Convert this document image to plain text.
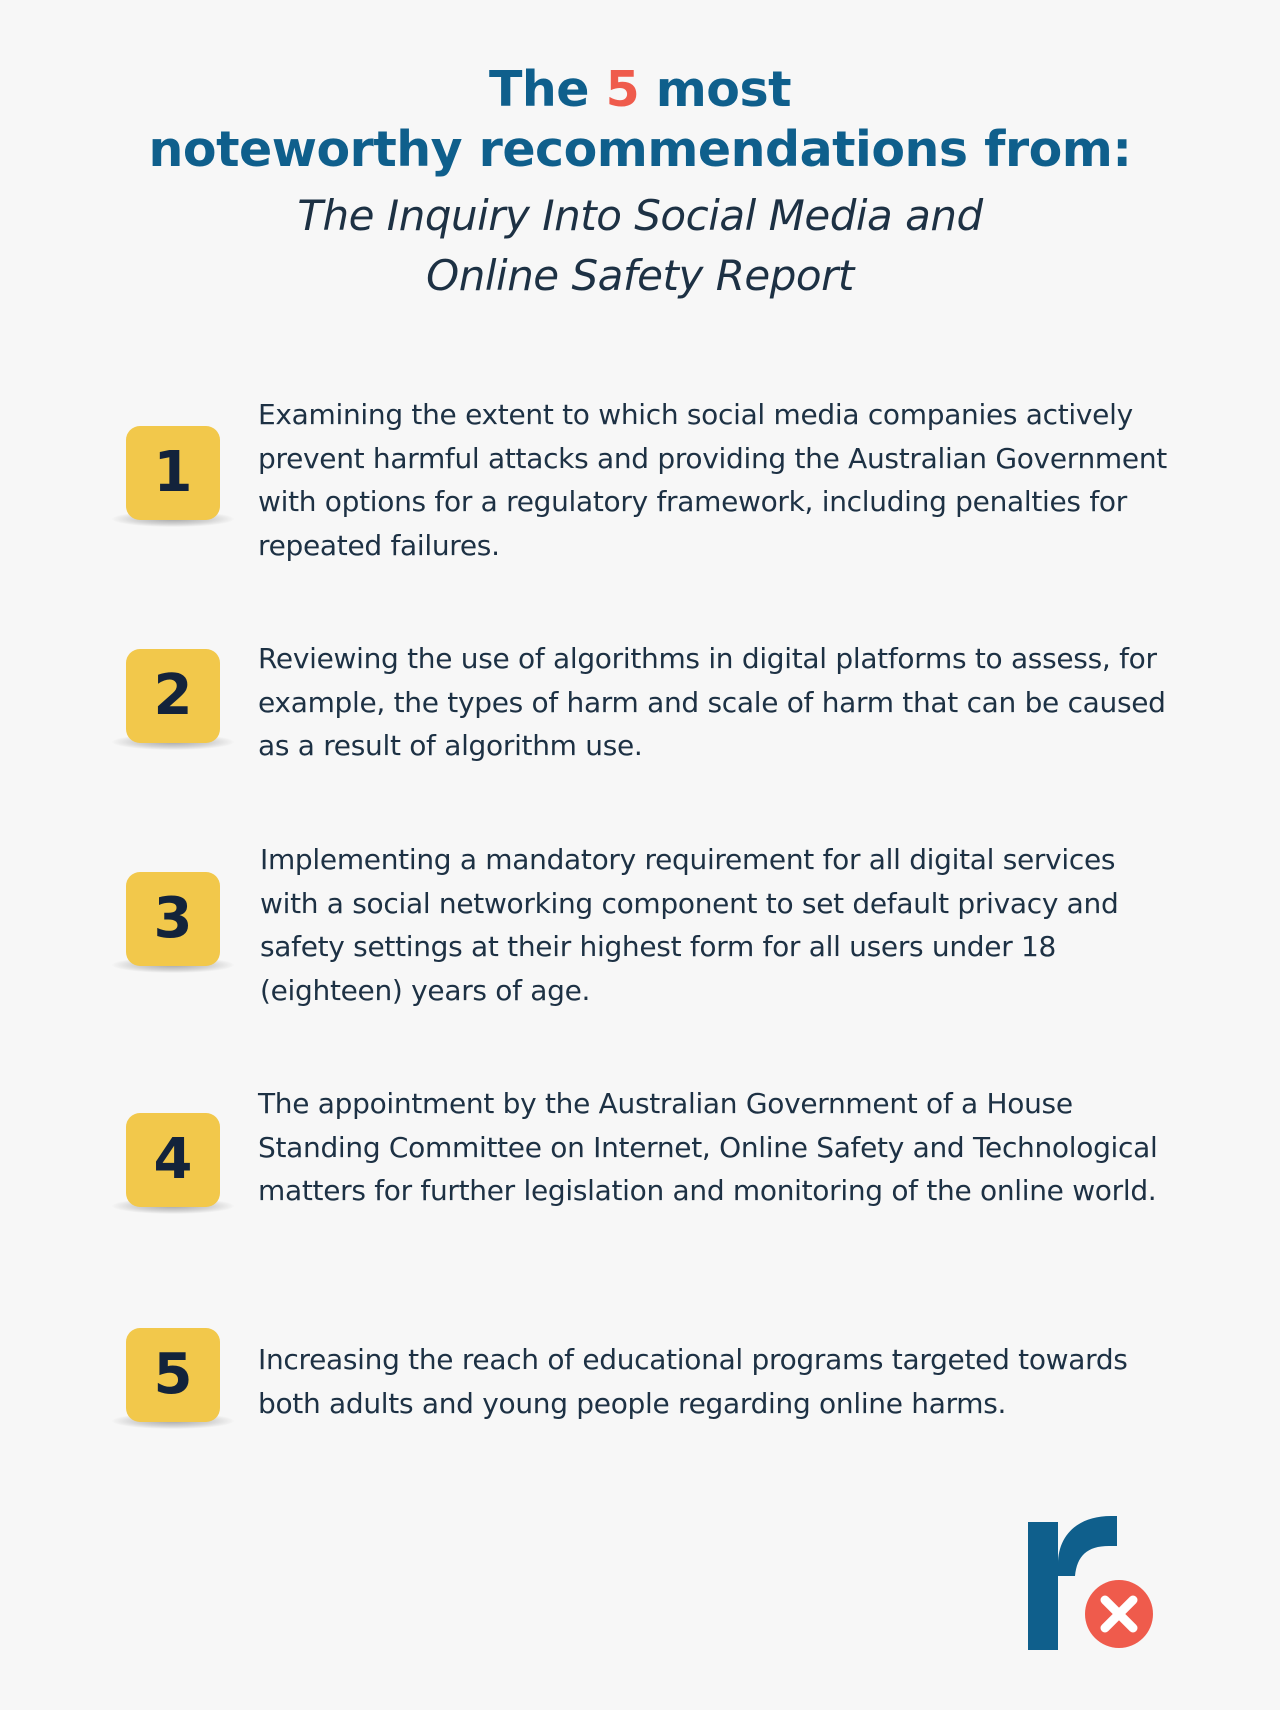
The 5 most
noteworthy recommendations from:
The Inquiry Into Social Media and
Online Safety Report
1
Examining the extent to which social media companies actively prevent harmful attacks and providing the Australian Government with options for a regulatory framework, including penalties for repeated failures.
2
Reviewing the use of algorithms in digital platforms to assess, for example, the types of harm and scale of harm that can be caused as a result of algorithm use.
3
Implementing a mandatory requirement for all digital services with a social networking component to set default privacy and safety settings at their highest form for all users under 18 (eighteen) years of age.
4
The appointment by the Australian Government of a House Standing Committee on Internet, Online Safety and Technological matters for further legislation and monitoring of the online world.
5	Increasing the reach of educational programs targeted towards both adults and young people regarding online harms.
